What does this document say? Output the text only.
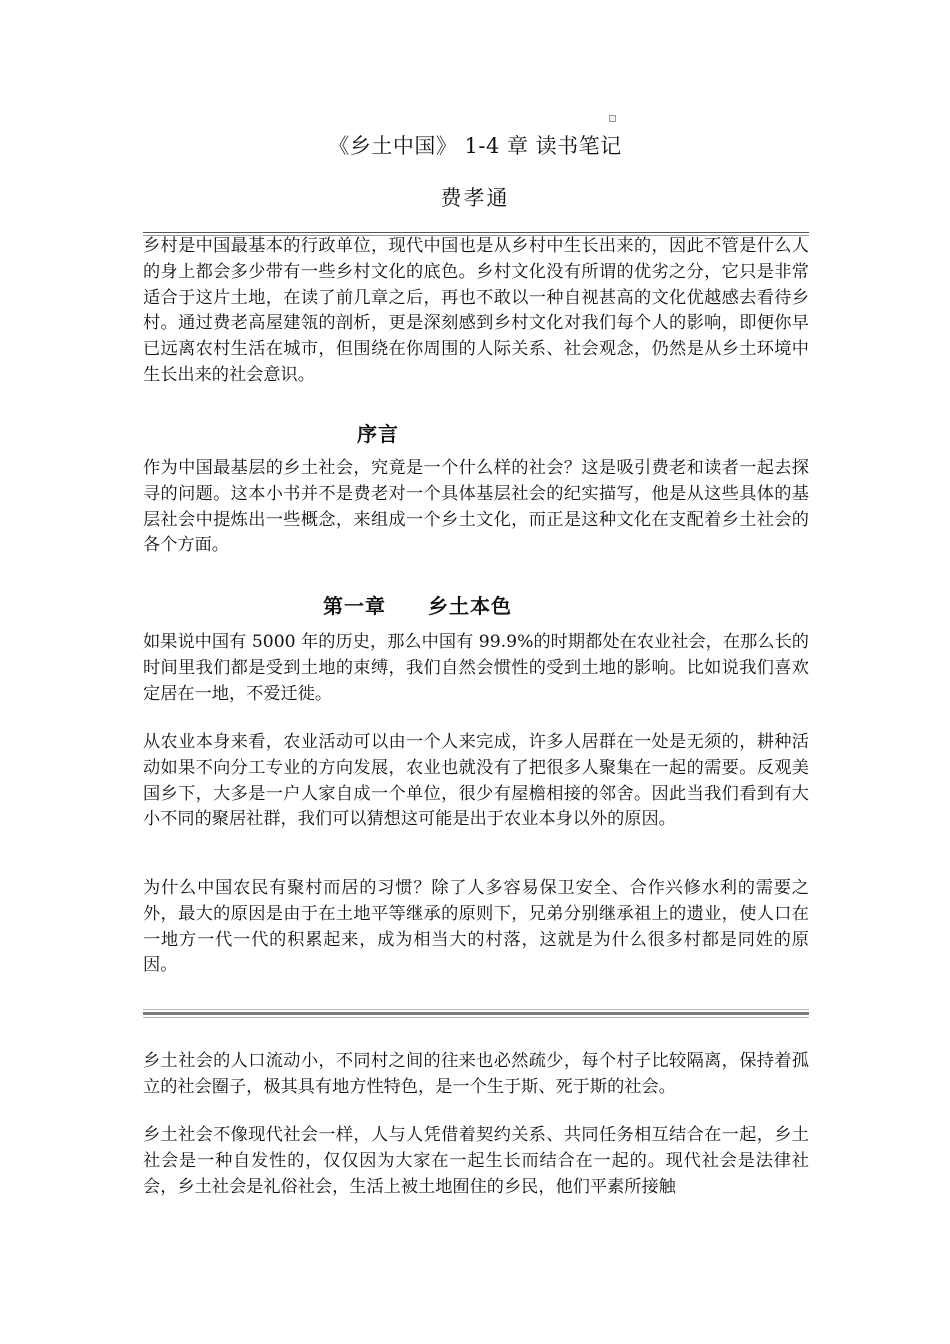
《乡土中国》 1-4 章 读书笔记
费孝通

乡村是中国最基本的行政单位，现代中国也是从乡村中生长出来的，因此不管是什么人的身上都会多少带有一些乡村文化的底色。乡村文化没有所谓的优劣之分，它只是非常适合于这片土地，在读了前几章之后，再也不敢以一种自视甚高的文化优越感去看待乡村。通过费老高屋建瓴的剖析，更是深刻感到乡村文化对我们每个人的影响，即便你早已远离农村生活在城市，但围绕在你周围的人际关系、社会观念，仍然是从乡土环境中生长出来的社会意识。

序言

作为中国最基层的乡土社会，究竟是一个什么样的社会？这是吸引费老和读者一起去探寻的问题。这本小书并不是费老对一个具体基层社会的纪实描写，他是从这些具体的基层社会中提炼出一些概念，来组成一个乡土文化，而正是这种文化在支配着乡土社会的各个方面。

第一章　　乡土本色

如果说中国有 5000 年的历史，那么中国有 99.9%的时期都处在农业社会，在那么长的时间里我们都是受到土地的束缚，我们自然会惯性的受到土地的影响。比如说我们喜欢定居在一地，不爱迁徙。

从农业本身来看，农业活动可以由一个人来完成，许多人居群在一处是无须的，耕种活动如果不向分工专业的方向发展，农业也就没有了把很多人聚集在一起的需要。反观美国乡下，大多是一户人家自成一个单位，很少有屋檐相接的邻舍。因此当我们看到有大小不同的聚居社群，我们可以猜想这可能是出于农业本身以外的原因。

为什么中国农民有聚村而居的习惯？除了人多容易保卫安全、合作兴修水利的需要之外，最大的原因是由于在土地平等继承的原则下，兄弟分别继承祖上的遗业，使人口在一地方一代一代的积累起来，成为相当大的村落，这就是为什么很多村都是同姓的原因。

乡土社会的人口流动小，不同村之间的往来也必然疏少，每个村子比较隔离，保持着孤立的社会圈子，极其具有地方性特色，是一个生于斯、死于斯的社会。

乡土社会不像现代社会一样，人与人凭借着契约关系、共同任务相互结合在一起，乡土社会是一种自发性的，仅仅因为大家在一起生长而结合在一起的。现代社会是法律社会，乡土社会是礼俗社会，生活上被土地囿住的乡民，他们平素所接触
